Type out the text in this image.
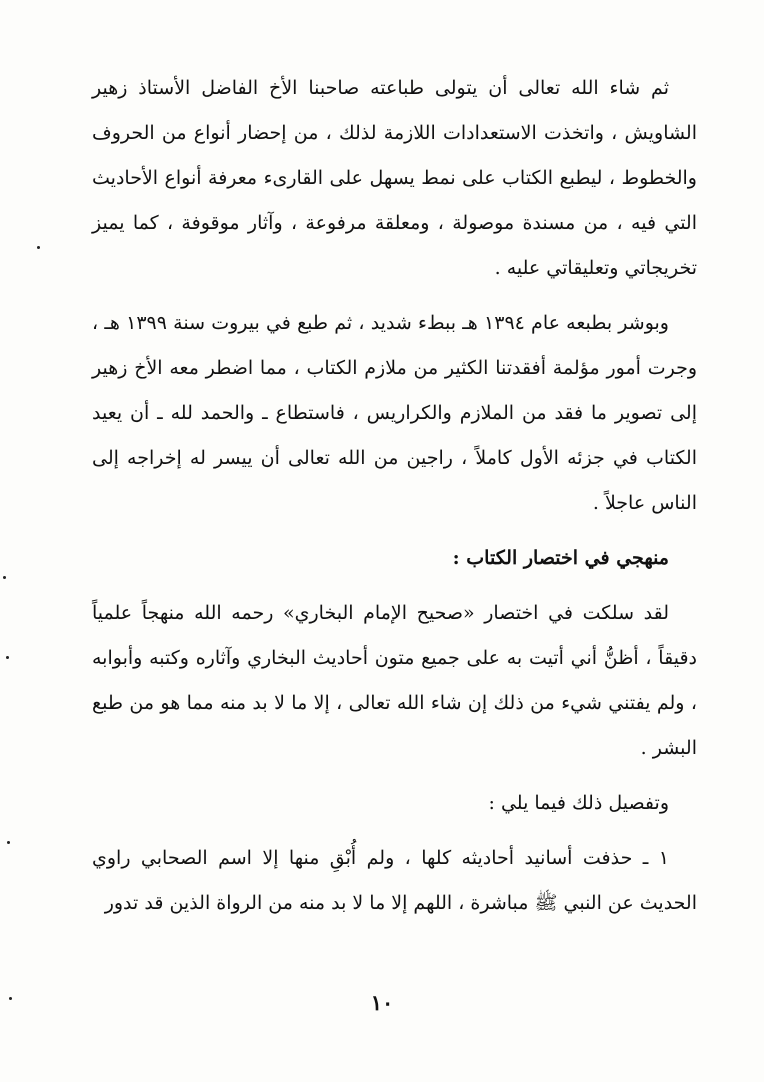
ثم شاء الله تعالى أن يتولى طباعته صاحبنا الأخ الفاضل الأستاذ زهير الشاويش ، واتخذت الاستعدادات اللازمة لذلك ، من إحضار أنواع من الحروف والخطوط ، ليطبع الكتاب على نمط يسهل على القارىء معرفة أنواع الأحاديث التي فيه ، من مسندة موصولة ، ومعلقة مرفوعة ، وآثار موقوفة ، كما يميز تخريجاتي وتعليقاتي عليه .

وبوشر بطبعه عام ١٣٩٤ هـ ببطء شديد ، ثم طبع في بيروت سنة ١٣٩٩ هـ ، وجرت أمور مؤلمة أفقدتنا الكثير من ملازم الكتاب ، مما اضطر معه الأخ زهير إلى تصوير ما فقد من الملازم والكراريس ، فاستطاع ـ والحمد لله ـ أن يعيد الكتاب في جزئه الأول كاملاً ، راجين من الله تعالى أن ييسر له إخراجه إلى الناس عاجلاً .

منهجي في اختصار الكتاب :

لقد سلكت في اختصار «صحيح الإمام البخاري» رحمه الله منهجاً علمياً دقيقاً ، أظنُّ أني أتيت به على جميع متون أحاديث البخاري وآثاره وكتبه وأبوابه ، ولم يفتني شيء من ذلك إن شاء الله تعالى ، إلا ما لا بد منه مما هو من طبع البشر .

وتفصيل ذلك فيما يلي :

١ ـ حذفت أسانيد أحاديثه كلها ، ولم أُبْقِ منها إلا اسم الصحابي راوي الحديث عن النبي ﷺ مباشرة ، اللهم إلا ما لا بد منه من الرواة الذين قد تدور

١٠
